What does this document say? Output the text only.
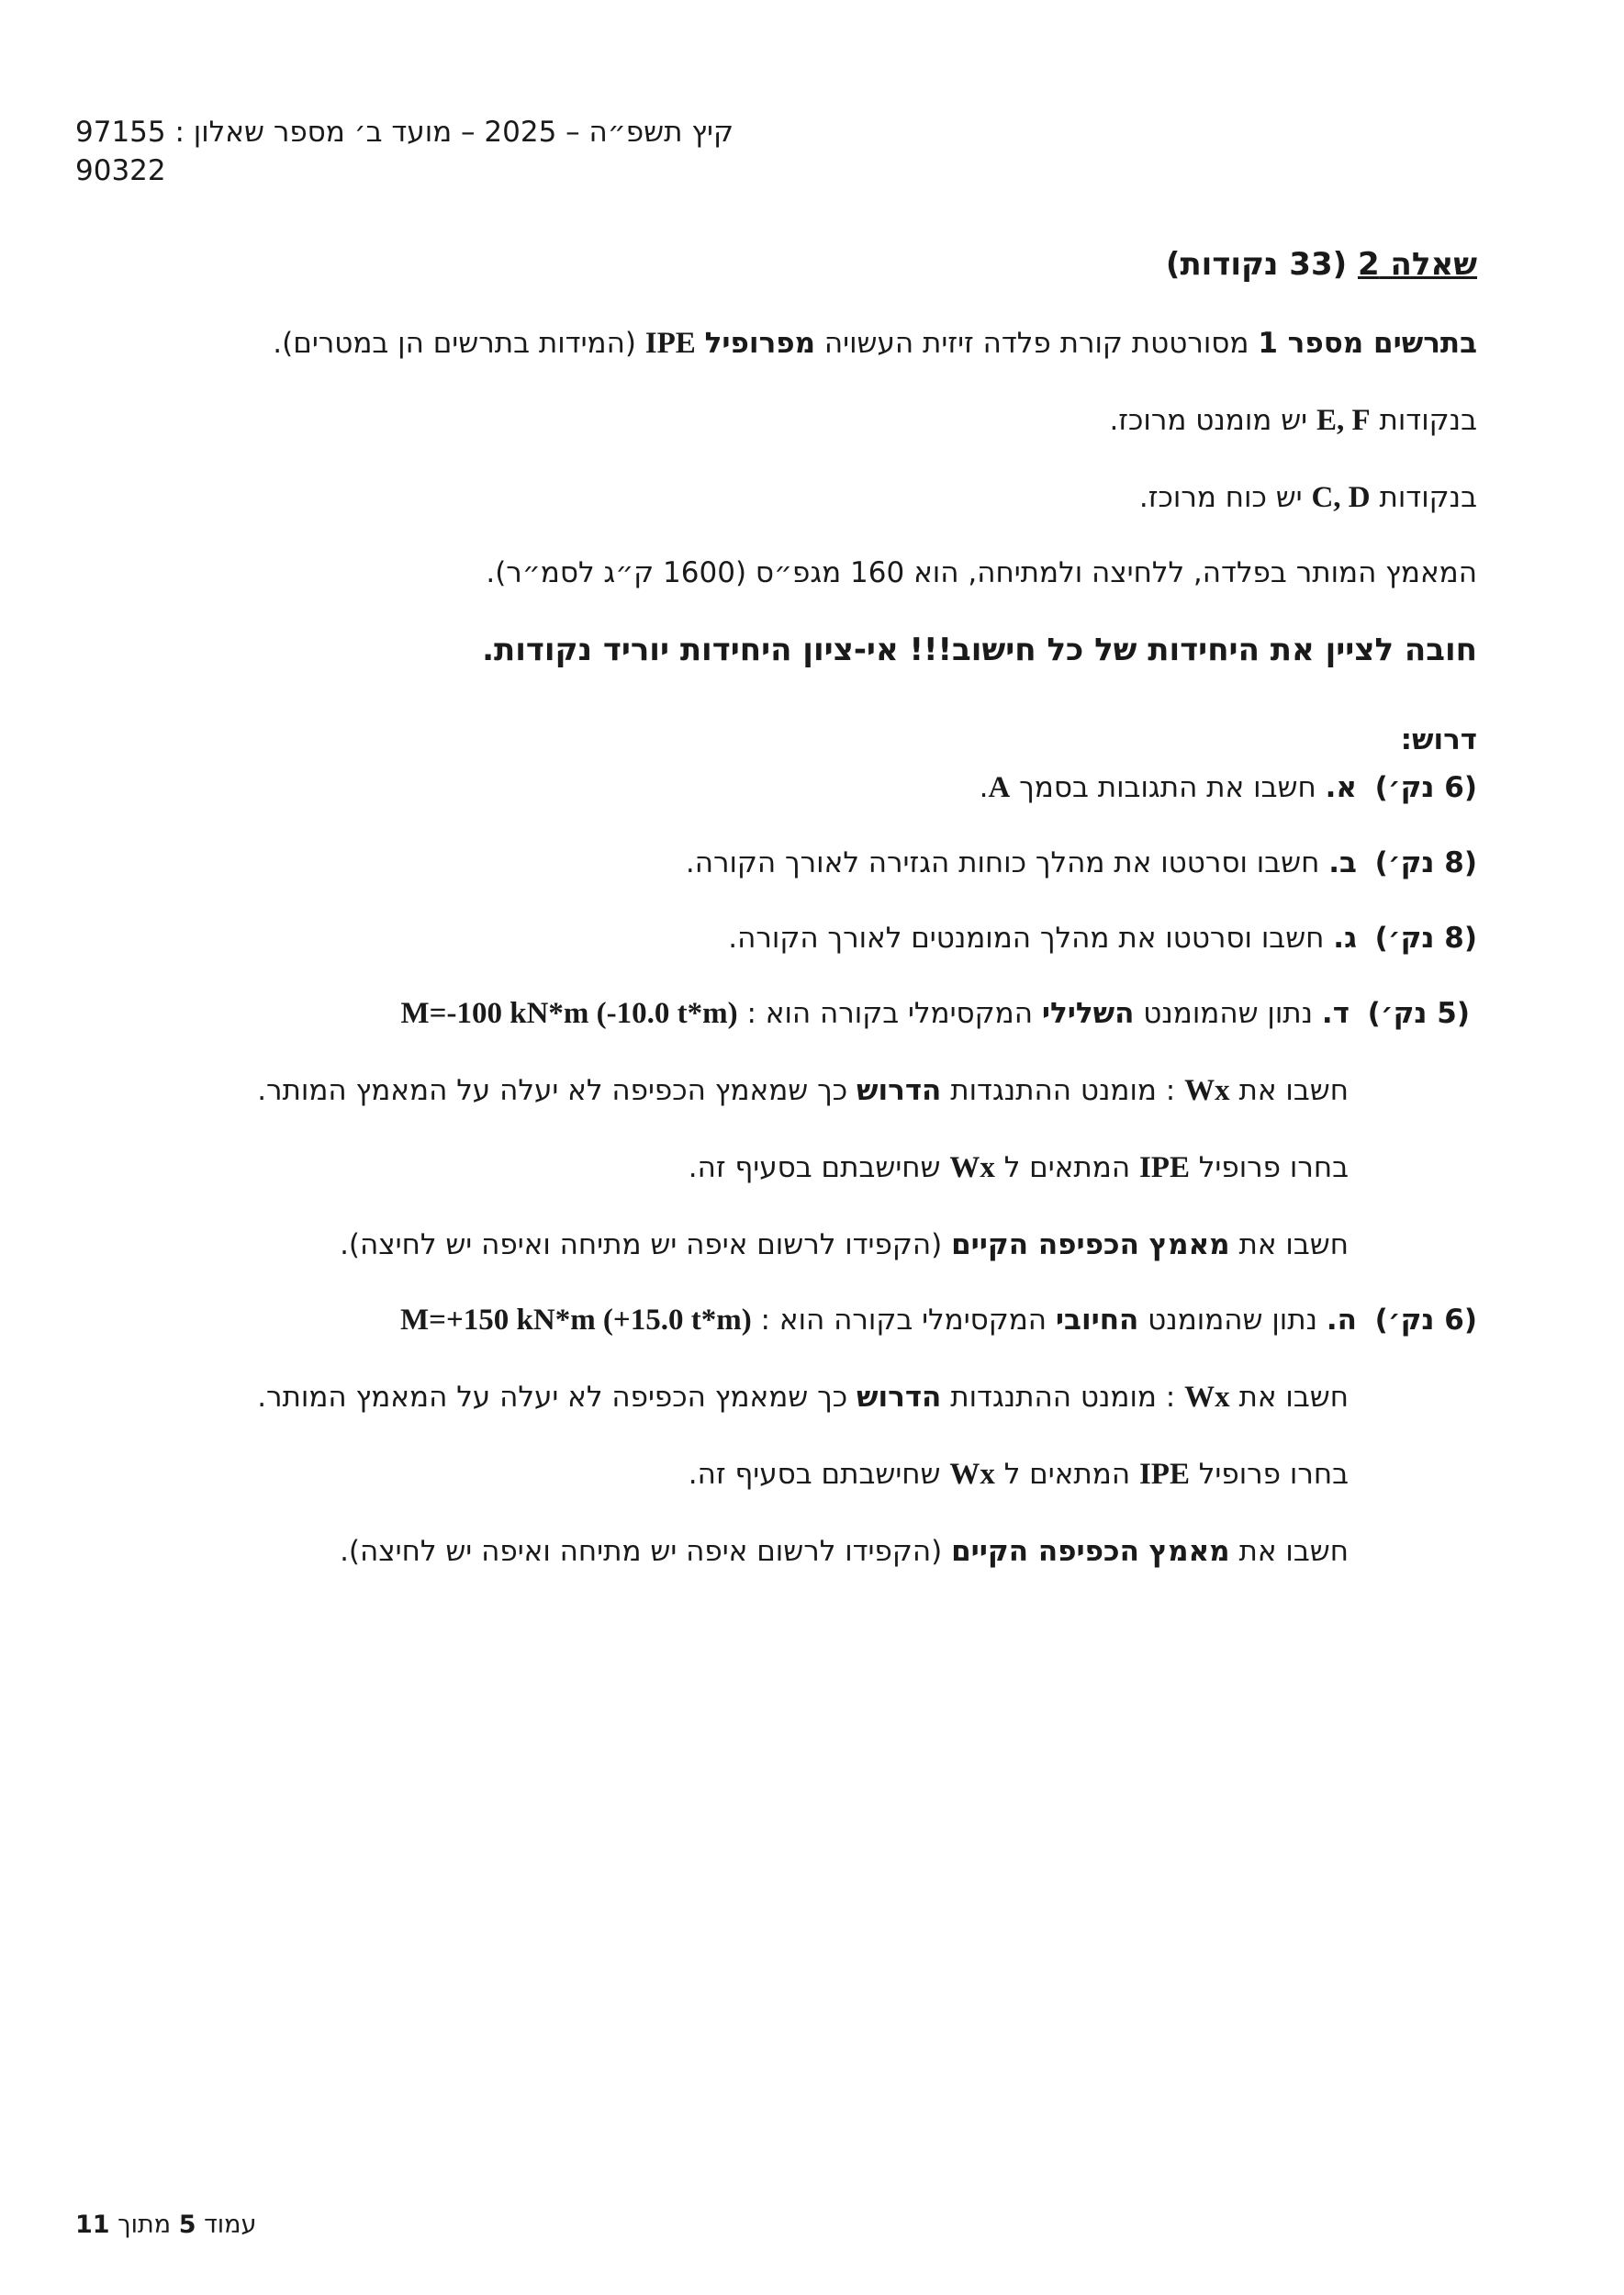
קיץ תשפ״ה – 2025 – מועד ב׳ מספר שאלון : 97155
90322
שאלה 2 (33 נקודות)
בתרשים מספר 1 מסורטטת קורת פלדה זיזית העשויה מפרופיל IPE (המידות בתרשים הן במטרים).
בנקודות E, F יש מומנט מרוכז.
בנקודות C, D יש כוח מרוכז.
המאמץ המותר בפלדה, ללחיצה ולמתיחה, הוא 160 מגפ״ס (1600 ק״ג לסמ״ר).
חובה לציין את היחידות של כל חישוב!!! אי-ציון היחידות יוריד נקודות.
דרוש:
(6 נק׳)  א. חשבו את התגובות בסמך A.
(8 נק׳)  ב. חשבו וסרטטו את מהלך כוחות הגזירה לאורך הקורה.
(8 נק׳)  ג. חשבו וסרטטו את מהלך המומנטים לאורך הקורה.
(5 נק׳)  ד. נתון שהמומנט השלילי המקסימלי בקורה הוא : M=-100 kN*m (-10.0 t*m)
חשבו את Wx : מומנט ההתנגדות הדרוש כך שמאמץ הכפיפה לא יעלה על המאמץ המותר.
בחרו פרופיל IPE המתאים ל Wx שחישבתם בסעיף זה.
חשבו את מאמץ הכפיפה הקיים (הקפידו לרשום איפה יש מתיחה ואיפה יש לחיצה).
(6 נק׳)  ה. נתון שהמומנט החיובי המקסימלי בקורה הוא : M=+150 kN*m (+15.0 t*m)
חשבו את Wx : מומנט ההתנגדות הדרוש כך שמאמץ הכפיפה לא יעלה על המאמץ המותר.
בחרו פרופיל IPE המתאים ל Wx שחישבתם בסעיף זה.
חשבו את מאמץ הכפיפה הקיים (הקפידו לרשום איפה יש מתיחה ואיפה יש לחיצה).
עמוד 5 מתוך 11
